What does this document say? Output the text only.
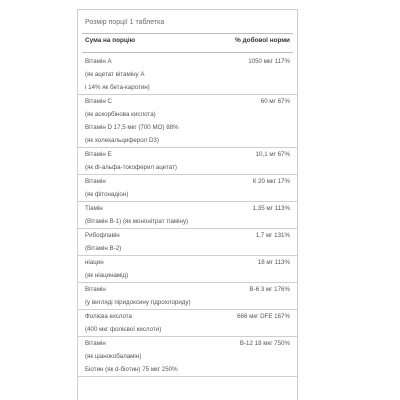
Розмір порції 1 таблетка
Сума на порцію	% добової норми
Вітамін A	1050 мкг 117%
(як ацетат вітаміну A
і 14% як бета-каротин)
Вітамін C	60 мг 67%
(як аскорбінова кислота)
Вітамін D 17,5 мкг (700 МО) 88%
(як холекальциферол D3)
Вітамін E	10,1 мг 67%
(як dl-альфа-токоферил ацетат)
Вітамін	К 20 мкг 17%
(як фітонадіон)
Тіамін	1,35 мг 113%
(Вітамін B-1) (як мононітрат тіаміну)
Рибофлавін	1,7 мг 131%
(Вітамін B-2)
ніацин	18 мг 113%
(як ніацинамід)
Вітамін	B-6 3 мг 176%
(у вигляді піридоксину гідрохлориду)
Фолієва кислота	666 мкг DFE 167%
(400 мкг фолієвої кислоти)
Вітамін	B-12 18 мкг 750%
(як ціанокобаламін)
Біотин (як d-біотин) 75 мкг 250%
